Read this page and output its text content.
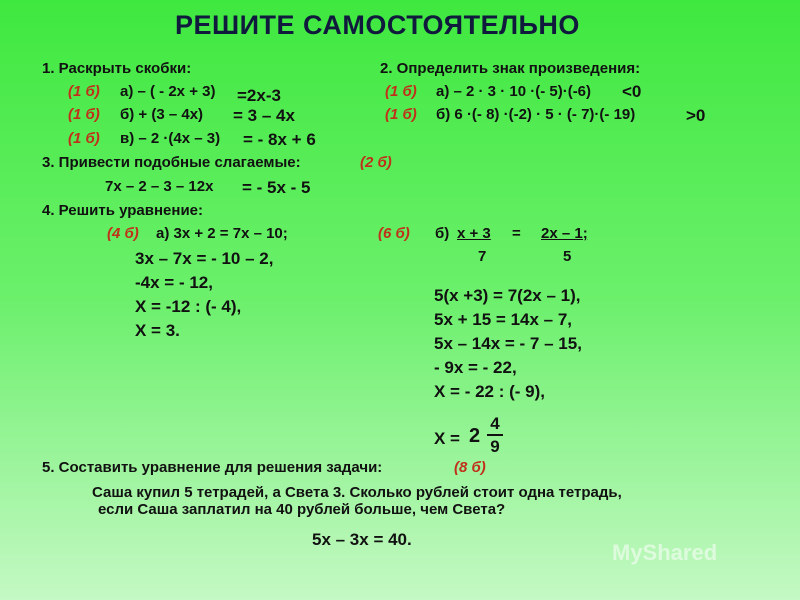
РЕШИТЕ САМОСТОЯТЕЛЬНО
1. Раскрыть скобки:
(1 б) а) – ( - 2х + 3) =2х-3
(1 б) б) + (3 – 4х) = 3 – 4х
(1 б) в) – 2 ·(4х – 3) = - 8х + 6
2. Определить знак произведения:
(1 б) а) – 2 · 3 · 10 ·(- 5)·(-6) <0
(1 б) б) 6 ·(- 8) ·(-2) · 5 · (- 7)·(- 19)	>0
3. Привести подобные слагаемые:	(2 б)
7х – 2 – 3 – 12х = - 5х - 5
4. Решить уравнение:
(4 б) а) 3х + 2 = 7х – 10;
3х – 7х = - 10 – 2,
-4х = - 12,
Х = -12 : (- 4),
Х = 3.
(6 б) б) х + 3 = 2х – 1;
7	5
5(х +3) = 7(2х – 1),
5х + 15 = 14х – 7,
5х – 14х = - 7 – 15,
- 9х = - 22,
Х = - 22 : (- 9),
Х = 2
4
9
5. Составить уравнение для решения задачи:	(8 б)
Саша купил 5 тетрадей, а Света 3. Сколько рублей стоит одна тетрадь,
если Саша заплатил на 40 рублей больше, чем Света?
5х – 3х = 40.
MyShared
